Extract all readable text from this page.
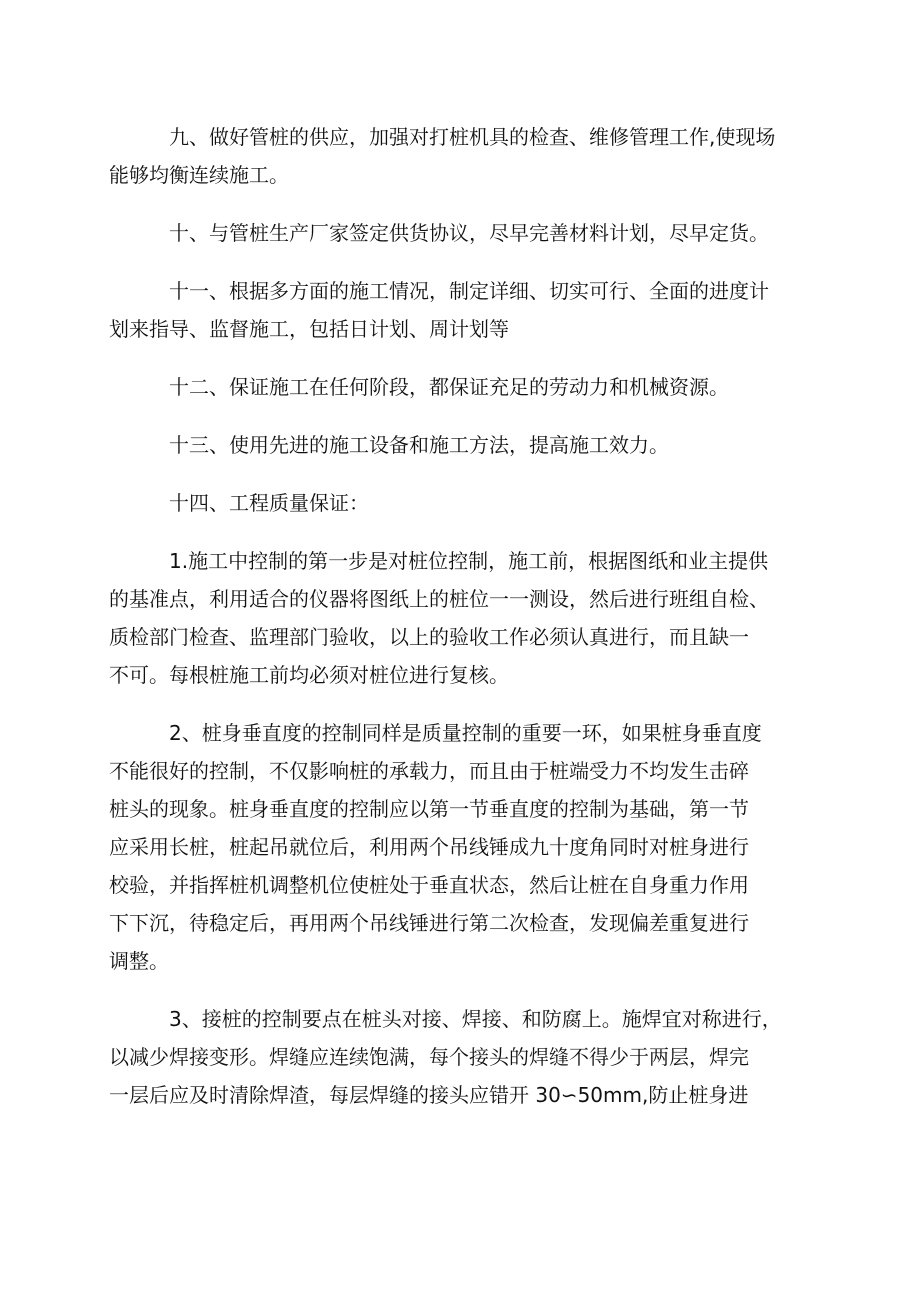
九、做好管桩的供应，加强对打桩机具的检查、维修管理工作,使现场
能够均衡连续施工。
十、与管桩生产厂家签定供货协议，尽早完善材料计划，尽早定货。
十一、根据多方面的施工情况，制定详细、切实可行、全面的进度计
划来指导、监督施工，包括日计划、周计划等
十二、保证施工在任何阶段，都保证充足的劳动力和机械资源。
十三、使用先进的施工设备和施工方法，提高施工效力。
十四、工程质量保证：
1.施工中控制的第一步是对桩位控制，施工前，根据图纸和业主提供
的基准点，利用适合的仪器将图纸上的桩位一一测设，然后进行班组自检、
质检部门检查、监理部门验收，以上的验收工作必须认真进行，而且缺一
不可。每根桩施工前均必须对桩位进行复核。
2、桩身垂直度的控制同样是质量控制的重要一环，如果桩身垂直度
不能很好的控制，不仅影响桩的承载力，而且由于桩端受力不均发生击碎
桩头的现象。桩身垂直度的控制应以第一节垂直度的控制为基础，第一节
应采用长桩，桩起吊就位后，利用两个吊线锤成九十度角同时对桩身进行
校验，并指挥桩机调整机位使桩处于垂直状态，然后让桩在自身重力作用
下下沉，待稳定后，再用两个吊线锤进行第二次检查，发现偏差重复进行
调整。
3、接桩的控制要点在桩头对接、焊接、和防腐上。施焊宜对称进行，
以减少焊接变形。焊缝应连续饱满，每个接头的焊缝不得少于两层，焊完
一层后应及时清除焊渣，每层焊缝的接头应错开 30∽50mm,防止桩身进
